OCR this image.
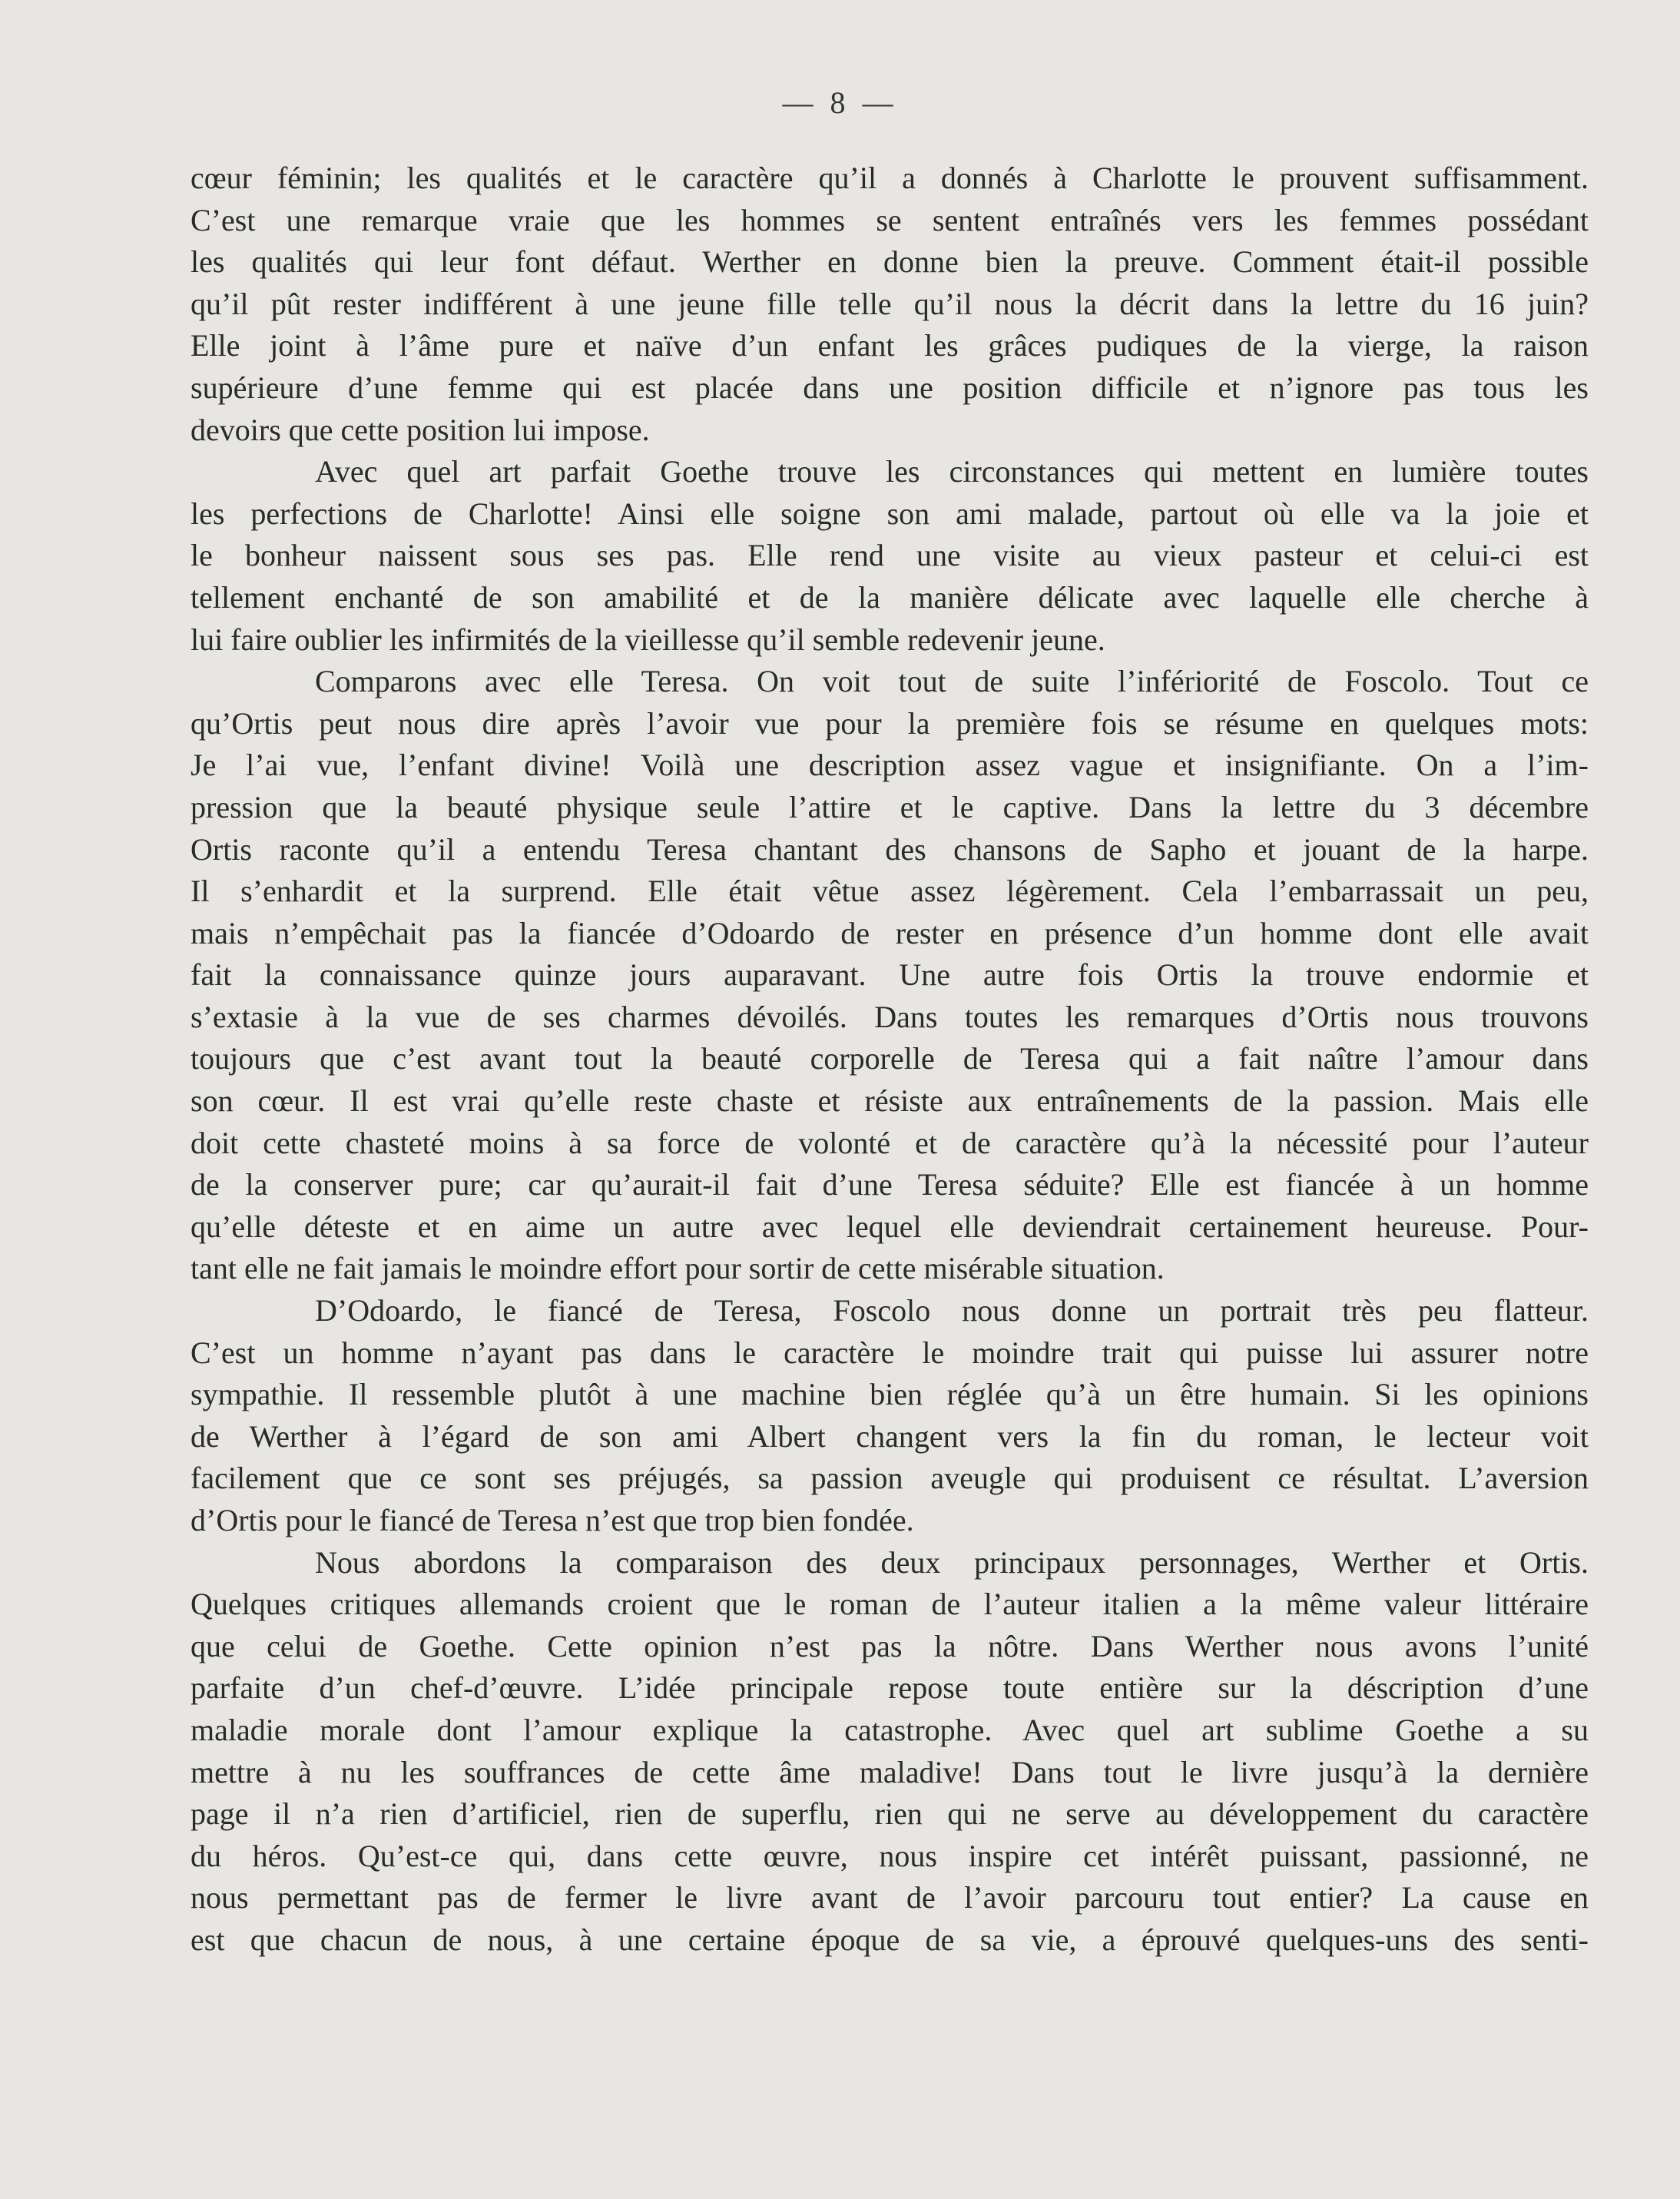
— 8 —
cœur féminin; les qualités et le caractère qu’il a donnés à Charlotte le prouvent suffisamment.
C’est une remarque vraie que les hommes se sentent entraînés vers les femmes possédant
les qualités qui leur font défaut. Werther en donne bien la preuve. Comment était-il possible
qu’il pût rester indifférent à une jeune fille telle qu’il nous la décrit dans la lettre du 16 juin?
Elle joint à l’âme pure et naïve d’un enfant les grâces pudiques de la vierge, la raison
supérieure d’une femme qui est placée dans une position difficile et n’ignore pas tous les
devoirs que cette position lui impose.
Avec quel art parfait Goethe trouve les circonstances qui mettent en lumière toutes
les perfections de Charlotte! Ainsi elle soigne son ami malade, partout où elle va la joie et
le bonheur naissent sous ses pas. Elle rend une visite au vieux pasteur et celui-ci est
tellement enchanté de son amabilité et de la manière délicate avec laquelle elle cherche à
lui faire oublier les infirmités de la vieillesse qu’il semble redevenir jeune.
Comparons avec elle Teresa. On voit tout de suite l’infériorité de Foscolo. Tout ce
qu’Ortis peut nous dire après l’avoir vue pour la première fois se résume en quelques mots:
Je l’ai vue, l’enfant divine! Voilà une description assez vague et insignifiante. On a l’im-
pression que la beauté physique seule l’attire et le captive. Dans la lettre du 3 décembre
Ortis raconte qu’il a entendu Teresa chantant des chansons de Sapho et jouant de la harpe.
Il s’enhardit et la surprend. Elle était vêtue assez légèrement. Cela l’embarrassait un peu,
mais n’empêchait pas la fiancée d’Odoardo de rester en présence d’un homme dont elle avait
fait la connaissance quinze jours auparavant. Une autre fois Ortis la trouve endormie et
s’extasie à la vue de ses charmes dévoilés. Dans toutes les remarques d’Ortis nous trouvons
toujours que c’est avant tout la beauté corporelle de Teresa qui a fait naître l’amour dans
son cœur. Il est vrai qu’elle reste chaste et résiste aux entraînements de la passion. Mais elle
doit cette chasteté moins à sa force de volonté et de caractère qu’à la nécessité pour l’auteur
de la conserver pure; car qu’aurait-il fait d’une Teresa séduite? Elle est fiancée à un homme
qu’elle déteste et en aime un autre avec lequel elle deviendrait certainement heureuse. Pour-
tant elle ne fait jamais le moindre effort pour sortir de cette misérable situation.
D’Odoardo, le fiancé de Teresa, Foscolo nous donne un portrait très peu flatteur.
C’est un homme n’ayant pas dans le caractère le moindre trait qui puisse lui assurer notre
sympathie. Il ressemble plutôt à une machine bien réglée qu’à un être humain. Si les opinions
de Werther à l’égard de son ami Albert changent vers la fin du roman, le lecteur voit
facilement que ce sont ses préjugés, sa passion aveugle qui produisent ce résultat. L’aversion
d’Ortis pour le fiancé de Teresa n’est que trop bien fondée.
Nous abordons la comparaison des deux principaux personnages, Werther et Ortis.
Quelques critiques allemands croient que le roman de l’auteur italien a la même valeur littéraire
que celui de Goethe. Cette opinion n’est pas la nôtre. Dans Werther nous avons l’unité
parfaite d’un chef-d’œuvre. L’idée principale repose toute entière sur la déscription d’une
maladie morale dont l’amour explique la catastrophe. Avec quel art sublime Goethe a su
mettre à nu les souffrances de cette âme maladive! Dans tout le livre jusqu’à la dernière
page il n’a rien d’artificiel, rien de superflu, rien qui ne serve au développement du caractère
du héros. Qu’est-ce qui, dans cette œuvre, nous inspire cet intérêt puissant, passionné, ne
nous permettant pas de fermer le livre avant de l’avoir parcouru tout entier? La cause en
est que chacun de nous, à une certaine époque de sa vie, a éprouvé quelques-uns des senti-
